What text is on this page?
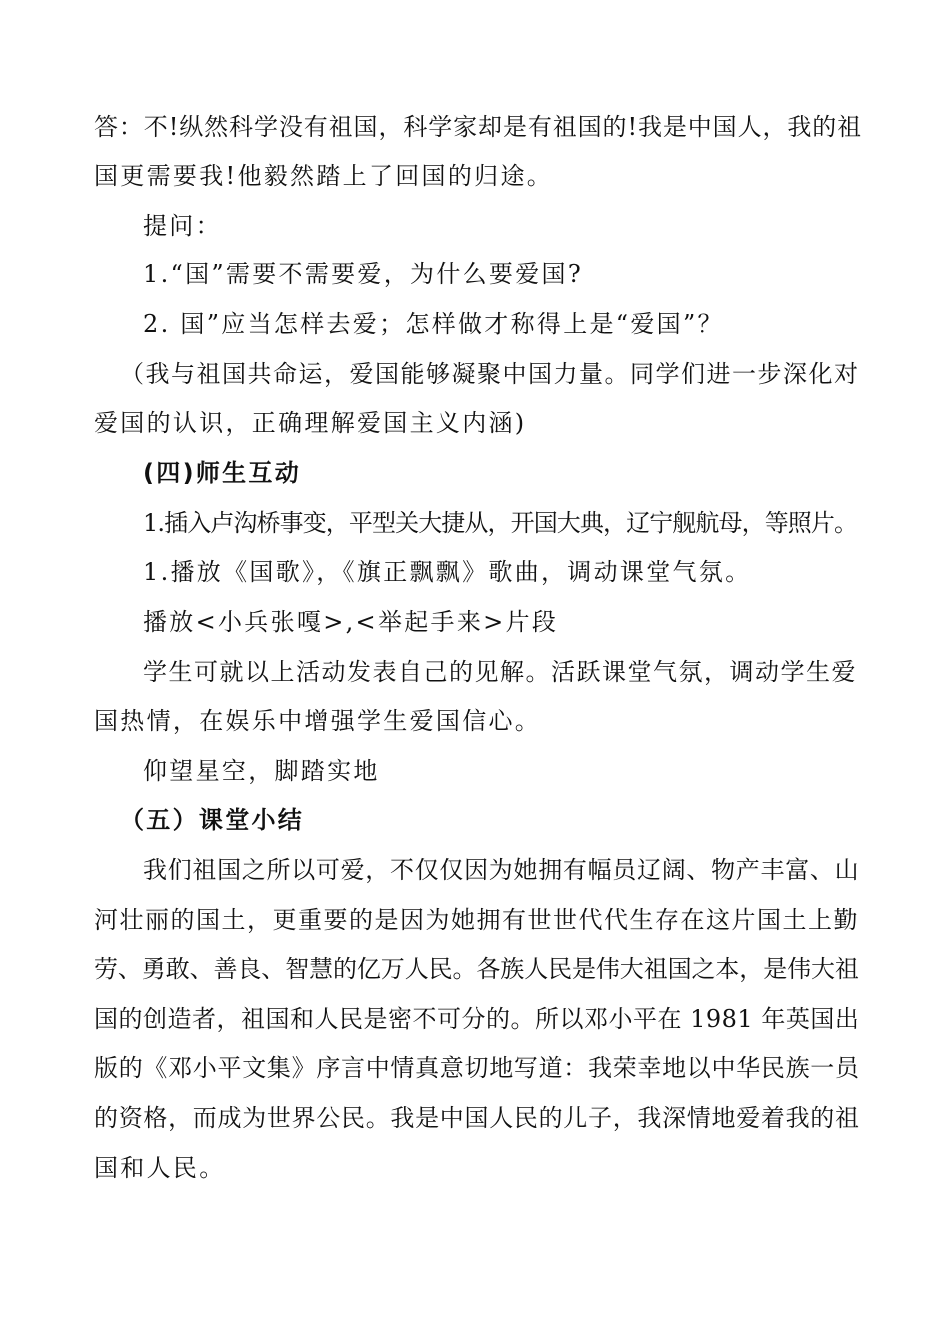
答：不!纵然科学没有祖国，科学家却是有祖国的!我是中国人，我的祖
国更需要我!他毅然踏上了回国的归途。
提问：
1.“国”需要不需要爱，为什么要爱国?
2. 国”应当怎样去爱；怎样做才称得上是“爱国”？
（我与祖国共命运，爱国能够凝聚中国力量。同学们进一步深化对
爱国的认识，正确理解爱国主义内涵)
(四)师生互动
1.插入卢沟桥事变，平型关大捷从，开国大典，辽宁舰航母，等照片。
1.播放《国歌》，《旗正飘飘》歌曲，调动课堂气氛。
播放<小兵张嘎>,<举起手来>片段
学生可就以上活动发表自己的见解。活跃课堂气氛，调动学生爱
国热情，在娱乐中增强学生爱国信心。
仰望星空，脚踏实地
（五）课堂小结
我们祖国之所以可爱，不仅仅因为她拥有幅员辽阔、物产丰富、山
河壮丽的国土，更重要的是因为她拥有世世代代生存在这片国土上勤
劳、勇敢、善良、智慧的亿万人民。各族人民是伟大祖国之本，是伟大祖
国的创造者，祖国和人民是密不可分的。所以邓小平在 1981 年英国出
版的《邓小平文集》序言中情真意切地写道：我荣幸地以中华民族一员
的资格，而成为世界公民。我是中国人民的儿子，我深情地爱着我的祖
国和人民。
